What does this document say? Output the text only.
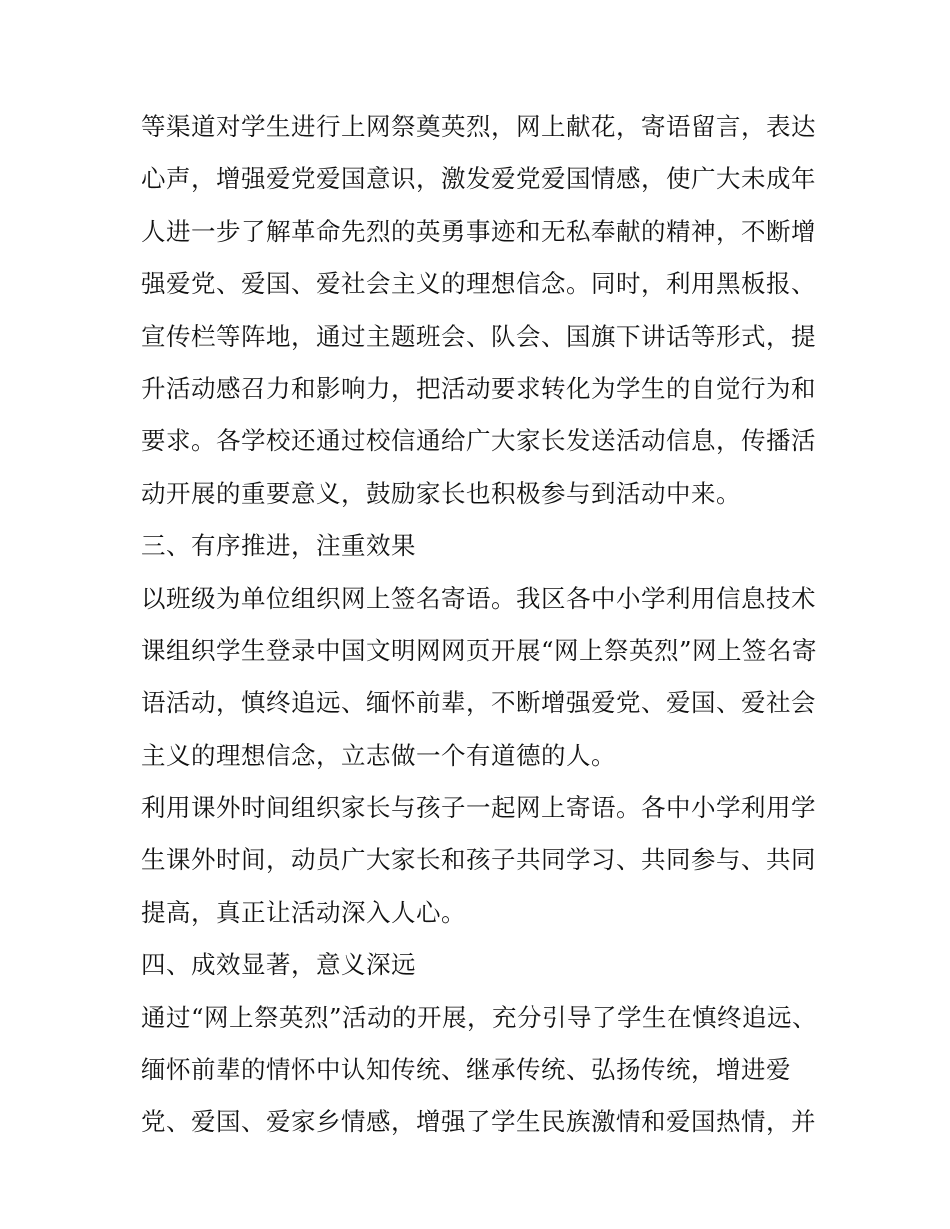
等渠道对学生进行上网祭奠英烈，网上献花，寄语留言，表达
心声，增强爱党爱国意识，激发爱党爱国情感，使广大未成年
人进一步了解革命先烈的英勇事迹和无私奉献的精神，不断增
强爱党、爱国、爱社会主义的理想信念。同时，利用黑板报、
宣传栏等阵地，通过主题班会、队会、国旗下讲话等形式，提
升活动感召力和影响力，把活动要求转化为学生的自觉行为和
要求。各学校还通过校信通给广大家长发送活动信息，传播活
动开展的重要意义，鼓励家长也积极参与到活动中来。
三、有序推进，注重效果
以班级为单位组织网上签名寄语。我区各中小学利用信息技术
课组织学生登录中国文明网网页开展“网上祭英烈”网上签名寄
语活动，慎终追远、缅怀前辈，不断增强爱党、爱国、爱社会
主义的理想信念，立志做一个有道德的人。
利用课外时间组织家长与孩子一起网上寄语。各中小学利用学
生课外时间，动员广大家长和孩子共同学习、共同参与、共同
提高，真正让活动深入人心。
四、成效显著，意义深远
通过“网上祭英烈”活动的开展，充分引导了学生在慎终追远、
缅怀前辈的情怀中认知传统、继承传统、弘扬传统，增进爱
党、爱国、爱家乡情感，增强了学生民族激情和爱国热情，并
